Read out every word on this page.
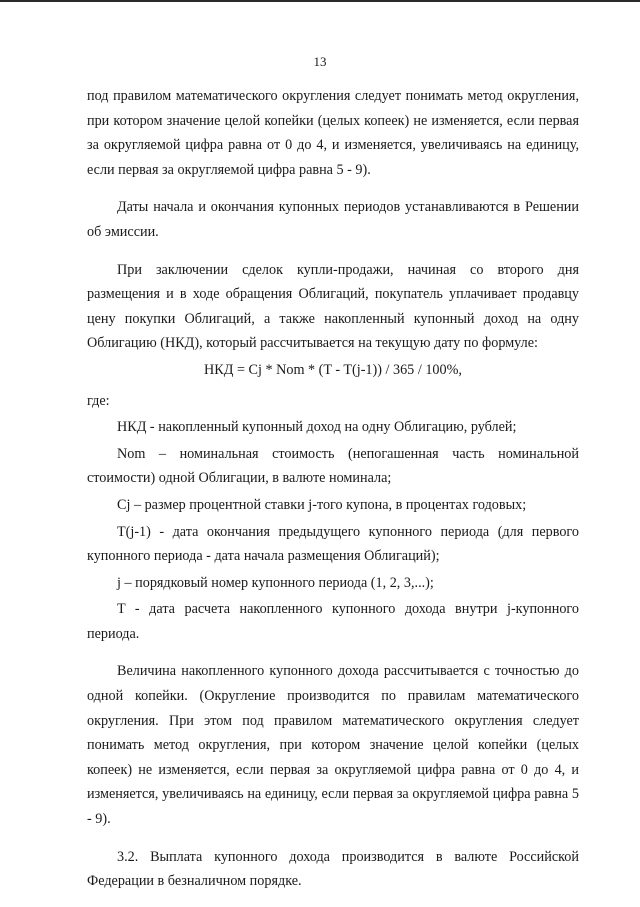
13

под правилом математического округления следует понимать метод округления, при котором значение целой копейки (целых копеек) не изменяется, если первая за округляемой цифра равна от 0 до 4, и изменяется, увеличиваясь на единицу, если первая за округляемой цифра равна 5 - 9).

Даты начала и окончания купонных периодов устанавливаются в Решении об эмиссии.

При заключении сделок купли-продажи, начиная со второго дня размещения и в ходе обращения Облигаций, покупатель уплачивает продавцу цену покупки Облигаций, а также накопленный купонный доход на одну Облигацию (НКД), который рассчитывается на текущую дату по формуле:

НКД = Cj * Nom * (T - T(j-1)) / 365 / 100%,

где:

НКД - накопленный купонный доход на одну Облигацию, рублей;

Nom – номинальная стоимость (непогашенная часть номинальной стоимости) одной Облигации, в валюте номинала;

Cj – размер процентной ставки j-того купона, в процентах годовых;

T(j-1) - дата окончания предыдущего купонного периода (для первого купонного периода - дата начала размещения Облигаций);

j – порядковый номер купонного периода (1, 2, 3,...);

T - дата расчета накопленного купонного дохода внутри j-купонного периода.

Величина накопленного купонного дохода рассчитывается с точностью до одной копейки. (Округление производится по правилам математического округления. При этом под правилом математического округления следует понимать метод округления, при котором значение целой копейки (целых копеек) не изменяется, если первая за округляемой цифра равна от 0 до 4, и изменяется, увеличиваясь на единицу, если первая за округляемой цифра равна 5 - 9).

3.2. Выплата купонного дохода производится в валюте Российской Федерации в безналичном порядке.
